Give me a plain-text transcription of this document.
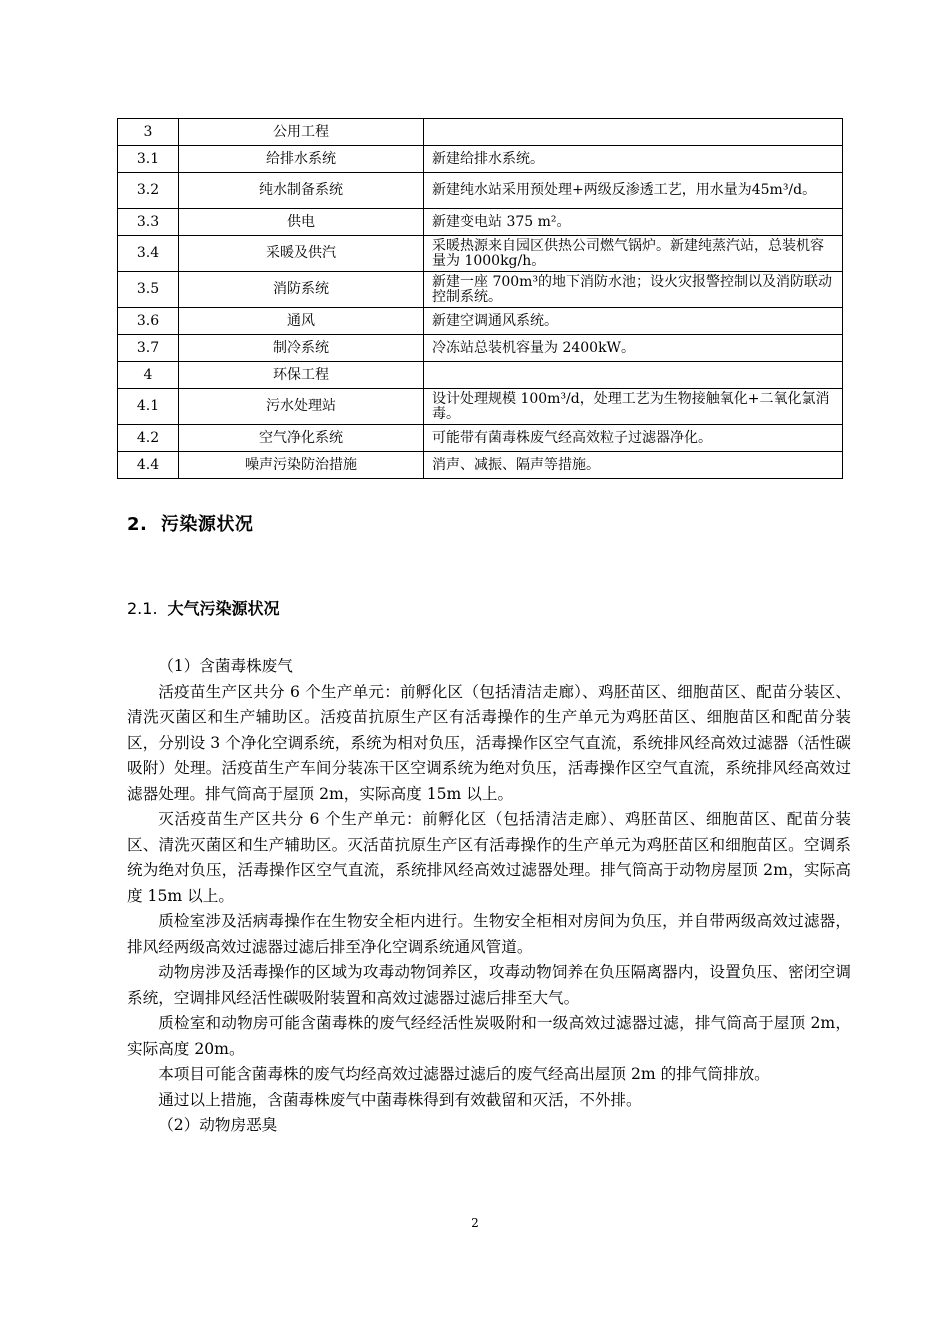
3	公用工程	
3.1	给排水系统	新建给排水系统。
3.2	纯水制备系统	新建纯水站采用预处理+两级反渗透工艺，用水量为45m³/d。
3.3	供电	新建变电站 375 m²。
3.4	采暖及供汽	采暖热源来自园区供热公司燃气锅炉。新建纯蒸汽站，总装机容量为 1000kg/h。
3.5	消防系统	新建一座 700m³的地下消防水池；设火灾报警控制以及消防联动控制系统。
3.6	通风	新建空调通风系统。
3.7	制冷系统	冷冻站总装机容量为 2400kW。
4	环保工程	
4.1	污水处理站	设计处理规模 100m³/d，处理工艺为生物接触氧化+二氧化氯消毒。
4.2	空气净化系统	可能带有菌毒株废气经高效粒子过滤器净化。
4.4	噪声污染防治措施	消声、减振、隔声等措施。
2. 污染源状况
2.1. 大气污染源状况

（1）含菌毒株废气

活疫苗生产区共分 6 个生产单元：前孵化区（包括清洁走廊）、鸡胚苗区、细胞苗区、配苗分装区、清洗灭菌区和生产辅助区。活疫苗抗原生产区有活毒操作的生产单元为鸡胚苗区、细胞苗区和配苗分装区，分别设 3 个净化空调系统，系统为相对负压，活毒操作区空气直流，系统排风经高效过滤器（活性碳吸附）处理。活疫苗生产车间分装冻干区空调系统为绝对负压，活毒操作区空气直流，系统排风经高效过滤器处理。排气筒高于屋顶 2m，实际高度 15m 以上。

灭活疫苗生产区共分 6 个生产单元：前孵化区（包括清洁走廊）、鸡胚苗区、细胞苗区、配苗分装区、清洗灭菌区和生产辅助区。灭活苗抗原生产区有活毒操作的生产单元为鸡胚苗区和细胞苗区。空调系统为绝对负压，活毒操作区空气直流，系统排风经高效过滤器处理。排气筒高于动物房屋顶 2m，实际高度 15m 以上。

质检室涉及活病毒操作在生物安全柜内进行。生物安全柜相对房间为负压，并自带两级高效过滤器，排风经两级高效过滤器过滤后排至净化空调系统通风管道。

动物房涉及活毒操作的区域为攻毒动物饲养区，攻毒动物饲养在负压隔离器内，设置负压、密闭空调系统，空调排风经活性碳吸附装置和高效过滤器过滤后排至大气。

质检室和动物房可能含菌毒株的废气经经活性炭吸附和一级高效过滤器过滤，排气筒高于屋顶 2m，实际高度 20m。

本项目可能含菌毒株的废气均经高效过滤器过滤后的废气经高出屋顶 2m 的排气筒排放。

通过以上措施，含菌毒株废气中菌毒株得到有效截留和灭活，不外排。

（2）动物房恶臭

2
